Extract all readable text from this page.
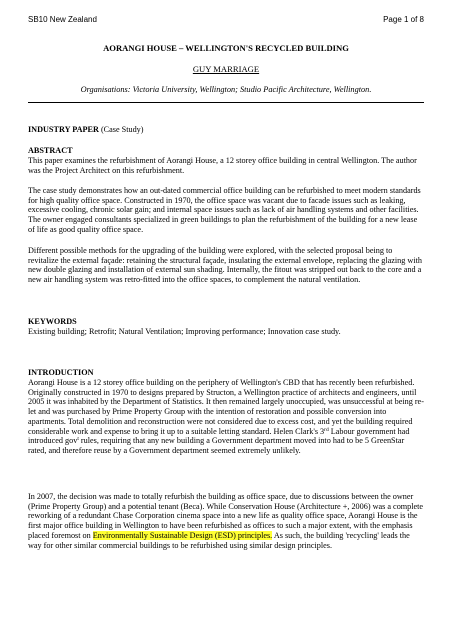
SB10 New Zealand	Page 1 of 8
AORANGI HOUSE – WELLINGTON'S RECYCLED BUILDING
GUY MARRIAGE
Organisations: Victoria University, Wellington; Studio Pacific Architecture, Wellington.

INDUSTRY PAPER (Case Study)

ABSTRACT

This paper examines the refurbishment of Aorangi House, a 12 storey office building in central Wellington. The author was the Project Architect on this refurbishment.

The case study demonstrates how an out-dated commercial office building can be refurbished to meet modern standards for high quality office space. Constructed in 1970, the office space was vacant due to facade issues such as leaking, excessive cooling, chronic solar gain; and internal space issues such as lack of air handling systems and other facilities. The owner engaged consultants specialized in green buildings to plan the refurbishment of the building for a new lease of life as good quality office space.

Different possible methods for the upgrading of the building were explored, with the selected proposal being to revitalize the external façade: retaining the structural façade, insulating the external envelope, replacing the glazing with new double glazing and installation of external sun shading. Internally, the fitout was stripped out back to the core and a new air handling system was retro-fitted into the office spaces, to complement the natural ventilation.

KEYWORDS

Existing building; Retrofit; Natural Ventilation; Improving performance; Innovation case study.

INTRODUCTION

Aorangi House is a 12 storey office building on the periphery of Wellington's CBD that has recently been refurbished. Originally constructed in 1970 to designs prepared by Structon, a Wellington practice of architects and engineers, until 2005 it was inhabited by the Department of Statistics. It then remained largely unoccupied, was unsuccessful at being re-let and was purchased by Prime Property Group with the intention of restoration and possible conversion into apartments. Total demolition and reconstruction were not considered due to excess cost, and yet the building required considerable work and expense to bring it up to a suitable letting standard. Helen Clark's 3rd Labour government had introduced gov$^t$ rules, requiring that any new building a Government department moved into had to be 5 GreenStar rated, and therefore reuse by a Government department seemed extremely unlikely.

In 2007, the decision was made to totally refurbish the building as office space, due to discussions between the owner (Prime Property Group) and a potential tenant (Beca). While Conservation House (Architecture +, 2006) was a complete reworking of a redundant Chase Corporation cinema space into a new life as quality office space, Aorangi House is the first major office building in Wellington to have been refurbished as offices to such a major extent, with the emphasis placed foremost on Environmentally Sustainable Design (ESD) principles. As such, the building 'recycling' leads the way for other similar commercial buildings to be refurbished using similar design principles.
